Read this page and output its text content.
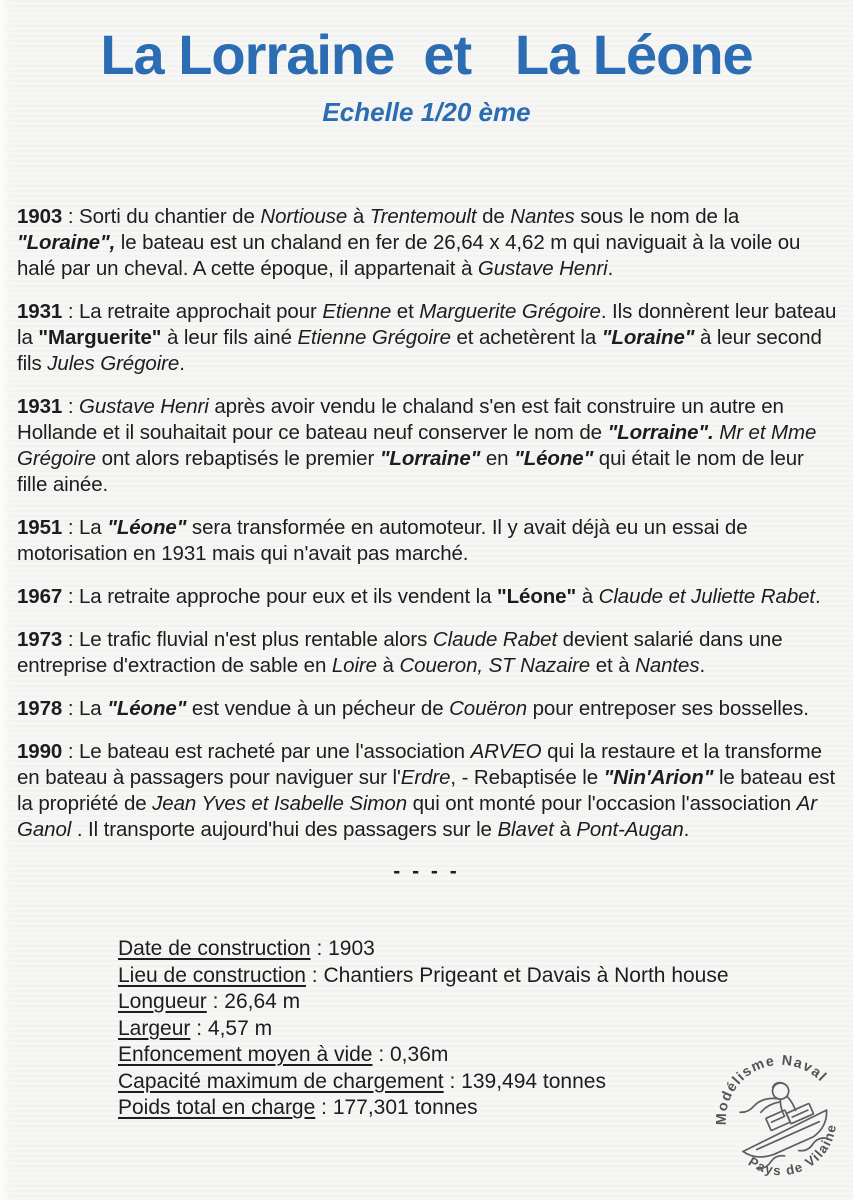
La Lorraine  et   La Léone
Echelle 1/20 ème

1903 : Sorti du chantier de Nortiouse à Trentemoult de Nantes sous le nom de la "Loraine", le bateau est un chaland en fer de 26,64 x 4,62 m qui naviguait à la voile ou halé par un cheval. A cette époque, il appartenait à Gustave Henri.

1931 : La retraite approchait pour Etienne et Marguerite Grégoire. Ils donnèrent leur bateau la "Marguerite" à leur fils ainé Etienne Grégoire et achetèrent la "Loraine" à leur second fils Jules Grégoire.

1931 : Gustave Henri après avoir vendu le chaland s'en est fait construire un autre en Hollande et il souhaitait pour ce bateau neuf conserver le nom de "Lorraine". Mr et Mme Grégoire ont alors rebaptisés le premier "Lorraine" en "Léone" qui était le nom de leur fille ainée.

1951 : La "Léone" sera transformée en automoteur. Il y avait déjà eu un essai de motorisation en 1931 mais qui n'avait pas marché.

1967 : La retraite approche pour eux et ils vendent la "Léone" à Claude et Juliette Rabet.

1973 : Le trafic fluvial n'est plus rentable alors Claude Rabet devient salarié dans une entreprise d'extraction de sable en Loire à Coueron, ST Nazaire et à Nantes.

1978 : La "Léone" est vendue à un pécheur de Couëron pour entreposer ses bosselles.

1990 : Le bateau est racheté par une l'association ARVEO qui la restaure et la transforme en bateau à passagers pour naviguer sur l'Erdre, - Rebaptisée le "Nin'Arion" le bateau est la propriété de Jean Yves et Isabelle Simon qui ont monté pour l'occasion l'association Ar Ganol . Il transporte aujourd'hui des passagers sur le Blavet à Pont-Augan.

- - - -
Date de construction : 1903
Lieu de construction : Chantiers Prigeant et Davais à North house
Longueur : 26,64 m
Largeur : 4,57 m
Enfoncement moyen à vide : 0,36m
Capacité maximum de chargement : 139,494 tonnes
Poids total en charge : 177,301 tonnes	Modélisme Naval
Pays de Vilaine
